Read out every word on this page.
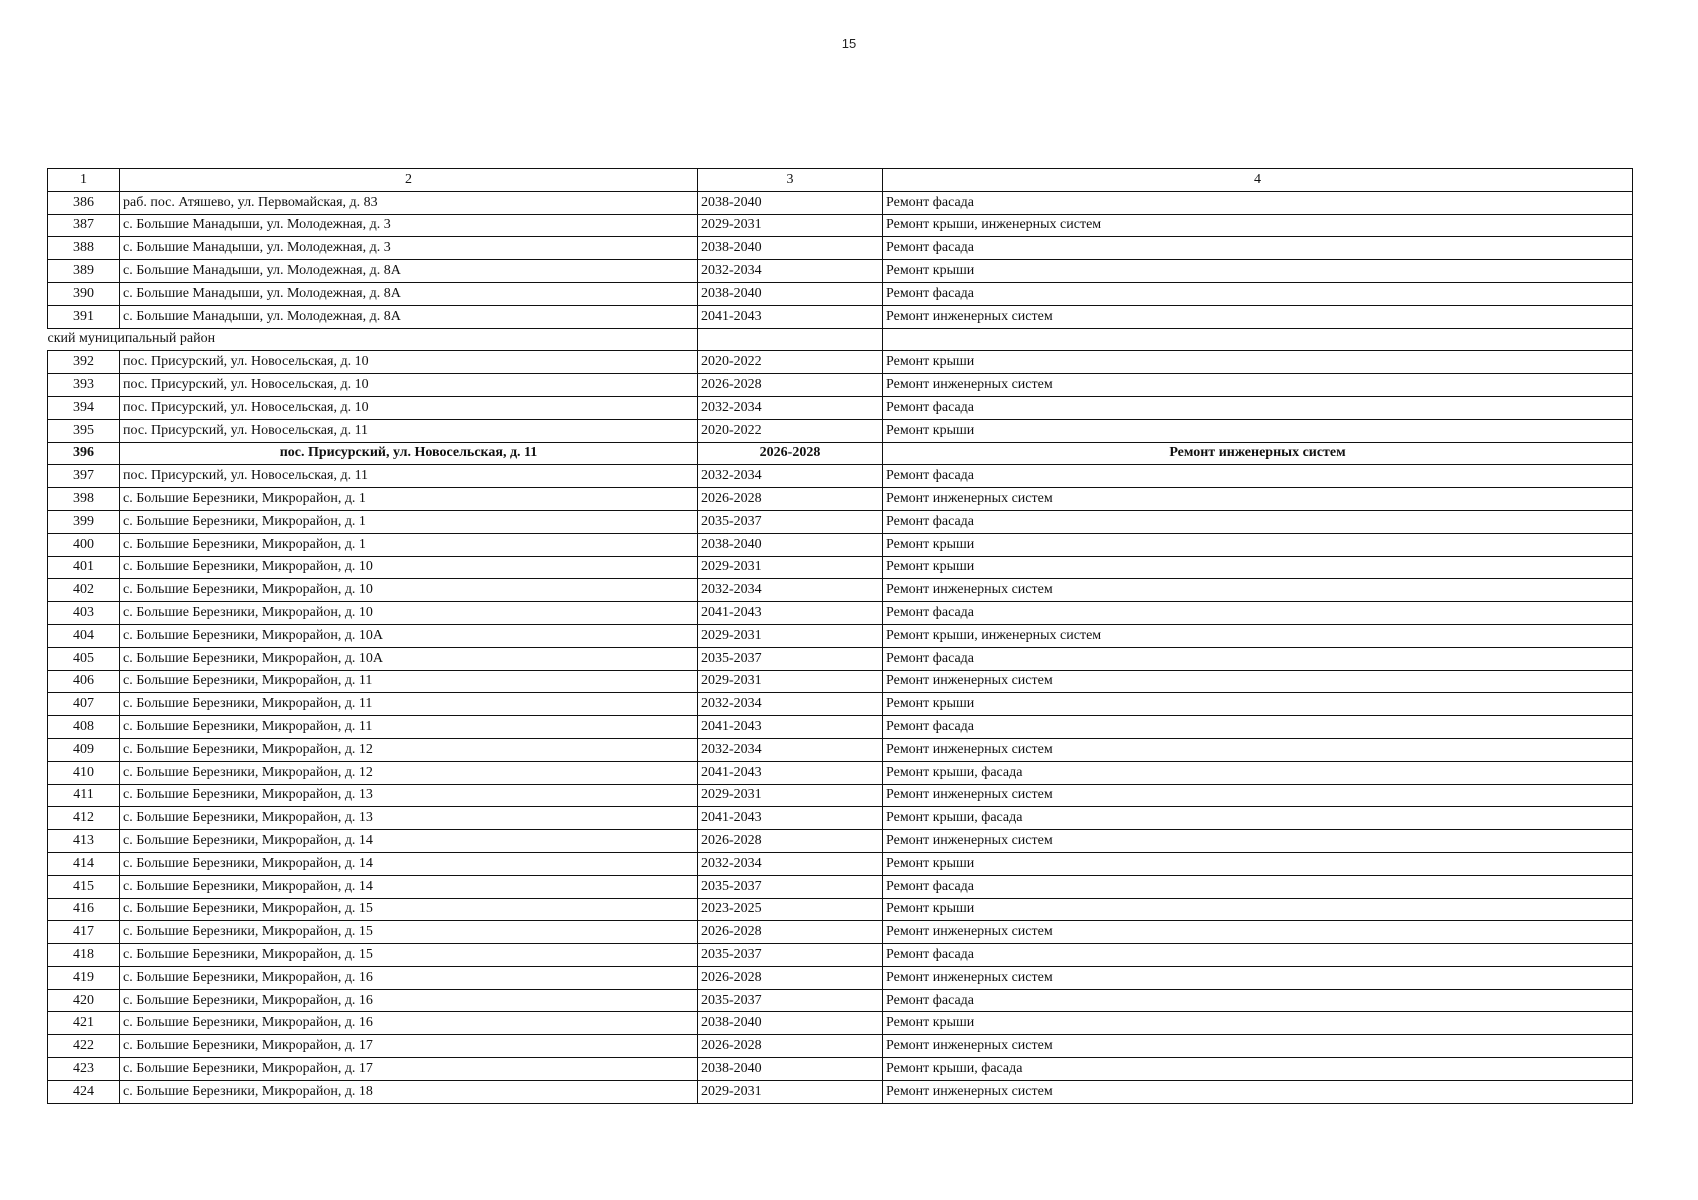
15
1	2	3	4
386	раб. пос. Атяшево, ул. Первомайская, д. 83	2038-2040	Ремонт фасада
387	с. Большие Манадыши, ул. Молодежная, д. 3	2029-2031	Ремонт крыши, инженерных систем
388	с. Большие Манадыши, ул. Молодежная, д. 3	2038-2040	Ремонт фасада
389	с. Большие Манадыши, ул. Молодежная, д. 8А	2032-2034	Ремонт крыши
390	с. Большие Манадыши, ул. Молодежная, д. 8А	2038-2040	Ремонт фасада
391	с. Большие Манадыши, ул. Молодежная, д. 8А	2041-2043	Ремонт инженерных систем
ский муниципальный район			
392	пос. Присурский, ул. Новосельская, д. 10	2020-2022	Ремонт крыши
393	пос. Присурский, ул. Новосельская, д. 10	2026-2028	Ремонт инженерных систем
394	пос. Присурский, ул. Новосельская, д. 10	2032-2034	Ремонт фасада
395	пос. Присурский, ул. Новосельская, д. 11	2020-2022	Ремонт крыши
396	пос. Присурский, ул. Новосельская, д. 11	2026-2028	Ремонт инженерных систем
397	пос. Присурский, ул. Новосельская, д. 11	2032-2034	Ремонт фасада
398	с. Большие Березники, Микрорайон, д. 1	2026-2028	Ремонт инженерных систем
399	с. Большие Березники, Микрорайон, д. 1	2035-2037	Ремонт фасада
400	с. Большие Березники, Микрорайон, д. 1	2038-2040	Ремонт крыши
401	с. Большие Березники, Микрорайон, д. 10	2029-2031	Ремонт крыши
402	с. Большие Березники, Микрорайон, д. 10	2032-2034	Ремонт инженерных систем
403	с. Большие Березники, Микрорайон, д. 10	2041-2043	Ремонт фасада
404	с. Большие Березники, Микрорайон, д. 10А	2029-2031	Ремонт крыши, инженерных систем
405	с. Большие Березники, Микрорайон, д. 10А	2035-2037	Ремонт фасада
406	с. Большие Березники, Микрорайон, д. 11	2029-2031	Ремонт инженерных систем
407	с. Большие Березники, Микрорайон, д. 11	2032-2034	Ремонт крыши
408	с. Большие Березники, Микрорайон, д. 11	2041-2043	Ремонт фасада
409	с. Большие Березники, Микрорайон, д. 12	2032-2034	Ремонт инженерных систем
410	с. Большие Березники, Микрорайон, д. 12	2041-2043	Ремонт крыши, фасада
411	с. Большие Березники, Микрорайон, д. 13	2029-2031	Ремонт инженерных систем
412	с. Большие Березники, Микрорайон, д. 13	2041-2043	Ремонт крыши, фасада
413	с. Большие Березники, Микрорайон, д. 14	2026-2028	Ремонт инженерных систем
414	с. Большие Березники, Микрорайон, д. 14	2032-2034	Ремонт крыши
415	с. Большие Березники, Микрорайон, д. 14	2035-2037	Ремонт фасада
416	с. Большие Березники, Микрорайон, д. 15	2023-2025	Ремонт крыши
417	с. Большие Березники, Микрорайон, д. 15	2026-2028	Ремонт инженерных систем
418	с. Большие Березники, Микрорайон, д. 15	2035-2037	Ремонт фасада
419	с. Большие Березники, Микрорайон, д. 16	2026-2028	Ремонт инженерных систем
420	с. Большие Березники, Микрорайон, д. 16	2035-2037	Ремонт фасада
421	с. Большие Березники, Микрорайон, д. 16	2038-2040	Ремонт крыши
422	с. Большие Березники, Микрорайон, д. 17	2026-2028	Ремонт инженерных систем
423	с. Большие Березники, Микрорайон, д. 17	2038-2040	Ремонт крыши, фасада
424	с. Большие Березники, Микрорайон, д. 18	2029-2031	Ремонт инженерных систем
